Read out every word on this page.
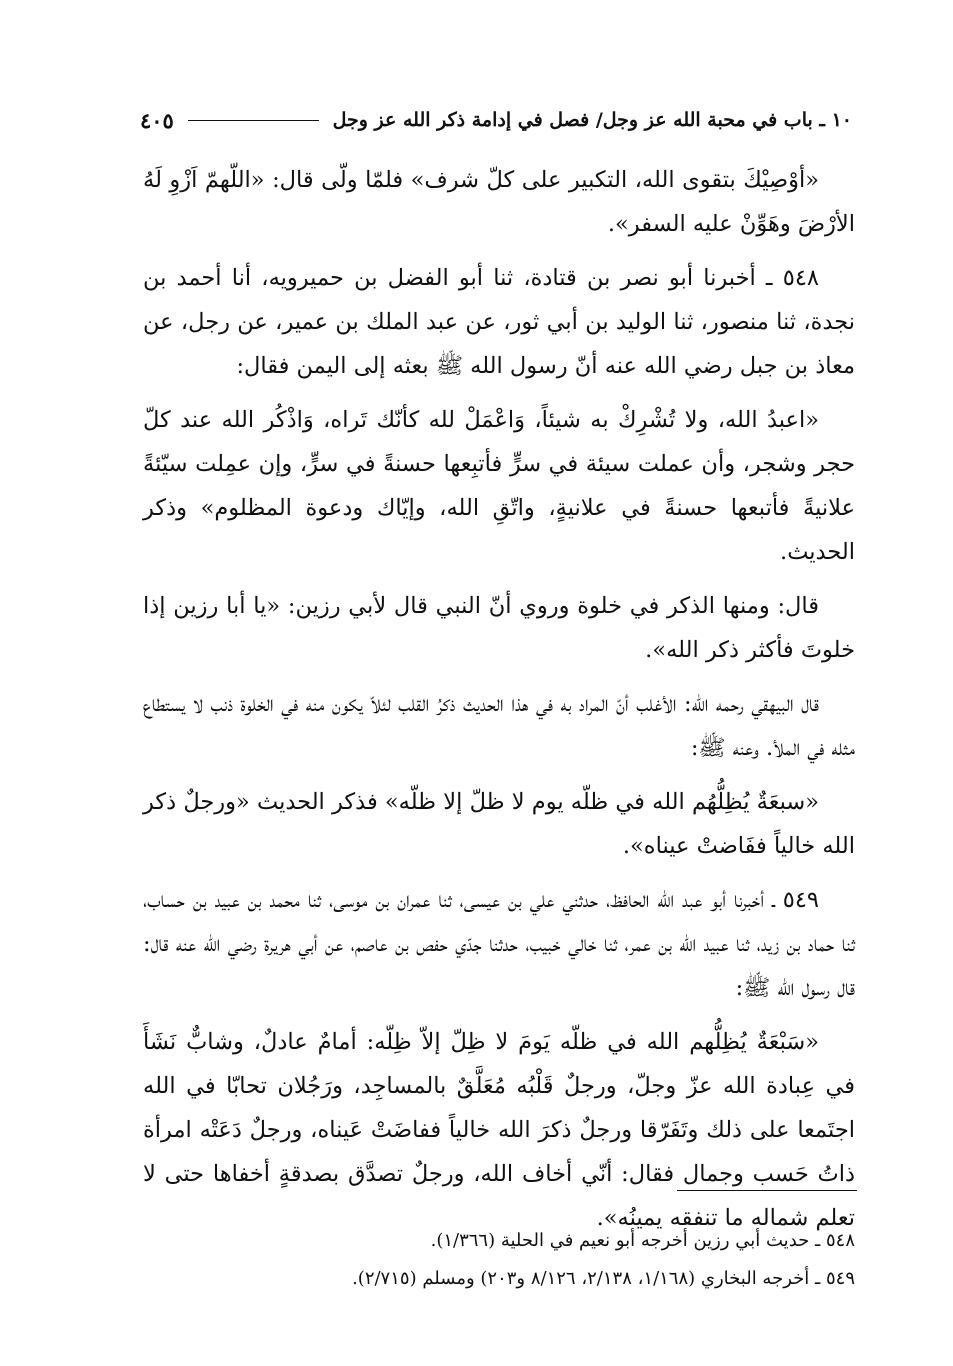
١٠ ـ باب في محبة الله عز وجل/ فصل في إدامة ذكر الله عز وجل
٤٠٥

«أوْصِيْكَ بتقوى الله، التكبير على كلّ شرف» فلمّا ولّى قال: «اللّهمّ اَزْوِ لَهُ الأرْضَ وهَوِّنْ عليه السفر».

٥٤٨ ـ أخبرنا أبو نصر بن قتادة، ثنا أبو الفضل بن حميرويه، أنا أحمد بن نجدة، ثنا منصور، ثنا الوليد بن أبي ثور، عن عبد الملك بن عمير، عن رجل، عن معاذ بن جبل رضي الله عنه أنّ رسول الله ﷺ بعثه إلى اليمن فقال:

«اعبدُ الله، ولا تُشْرِكْ به شيئاً، وَاعْمَلْ لله كأنّك تَراه، وَاذْكُر الله عند كلّ حجر وشجر، وأن عملت سيئة في سرٍّ فأتبِعها حسنةً في سرٍّ، وإن عمِلت سيّئةً علانيةً فأتبعها حسنةً في علانيةٍ، واتّقِ الله، وإيّاك ودعوة المظلوم» وذكر الحديث.

قال: ومنها الذكر في خلوة وروي أنّ النبي قال لأبي رزين: «يا أبا رزين إذا خلوتَ فأكثر ذكر الله».

قال البيهقي رحمه الله: الأغلب أنّ المراد به في هذا الحديث ذكرُ القلب لئلاّ يكون منه في الخلوة ذنب لا يستطاع مثله في الملأ. وعنه ﷺ:

«سبعَةٌ يُظِلُّهُم الله في ظلّه يوم لا ظلّ إلا ظلّه» فذكر الحديث «ورجلٌ ذكر الله خالياً ففَاضتْ عيناه».

٥٤٩ ـ أخبرنا أبو عبد الله الحافظ، حدثني علي بن عيسى، ثنا عمران بن موسى، ثنا محمد بن عبيد بن حساب، ثنا حماد بن زيد، ثنا عبيد الله بن عمر، ثنا خالي خبيب، حدثنا جدّي حفص بن عاصم، عن أبي هريرة رضي الله عنه قال: قال رسول الله ﷺ:

«سَبْعَةٌ يُظِلُّهم الله في ظلّه يَومَ لا ظِلّ إلاّ ظِلّه: أمامٌ عادلٌ، وشابٌّ نَشَأَ في عِبادة الله عزّ وجلّ، ورجلٌ قَلْبُه مُعَلَّقٌ بالمساجِد، ورَجُلان تحابّا في الله اجتَمعا على ذلك وتَفَرّقا ورجلٌ ذكرَ الله خالياً ففاضَتْ عَيناه، ورجلٌ دَعَتْه امرأة ذاتُ حَسب وجمال فقال: أنّي أخاف الله، ورجلٌ تصدَّق بصدقةٍ أخفاها حتى لا تعلم شماله ما تنفقه يمينُه».

٥٤٨ ـ حديث أبي رزين أخرجه أبو نعيم في الحلية (١/٣٦٦).

٥٤٩ ـ أخرجه البخاري (١/١٦٨، ٢/١٣٨، ٨/١٢٦ و٢٠٣) ومسلم (٢/٧١٥).
